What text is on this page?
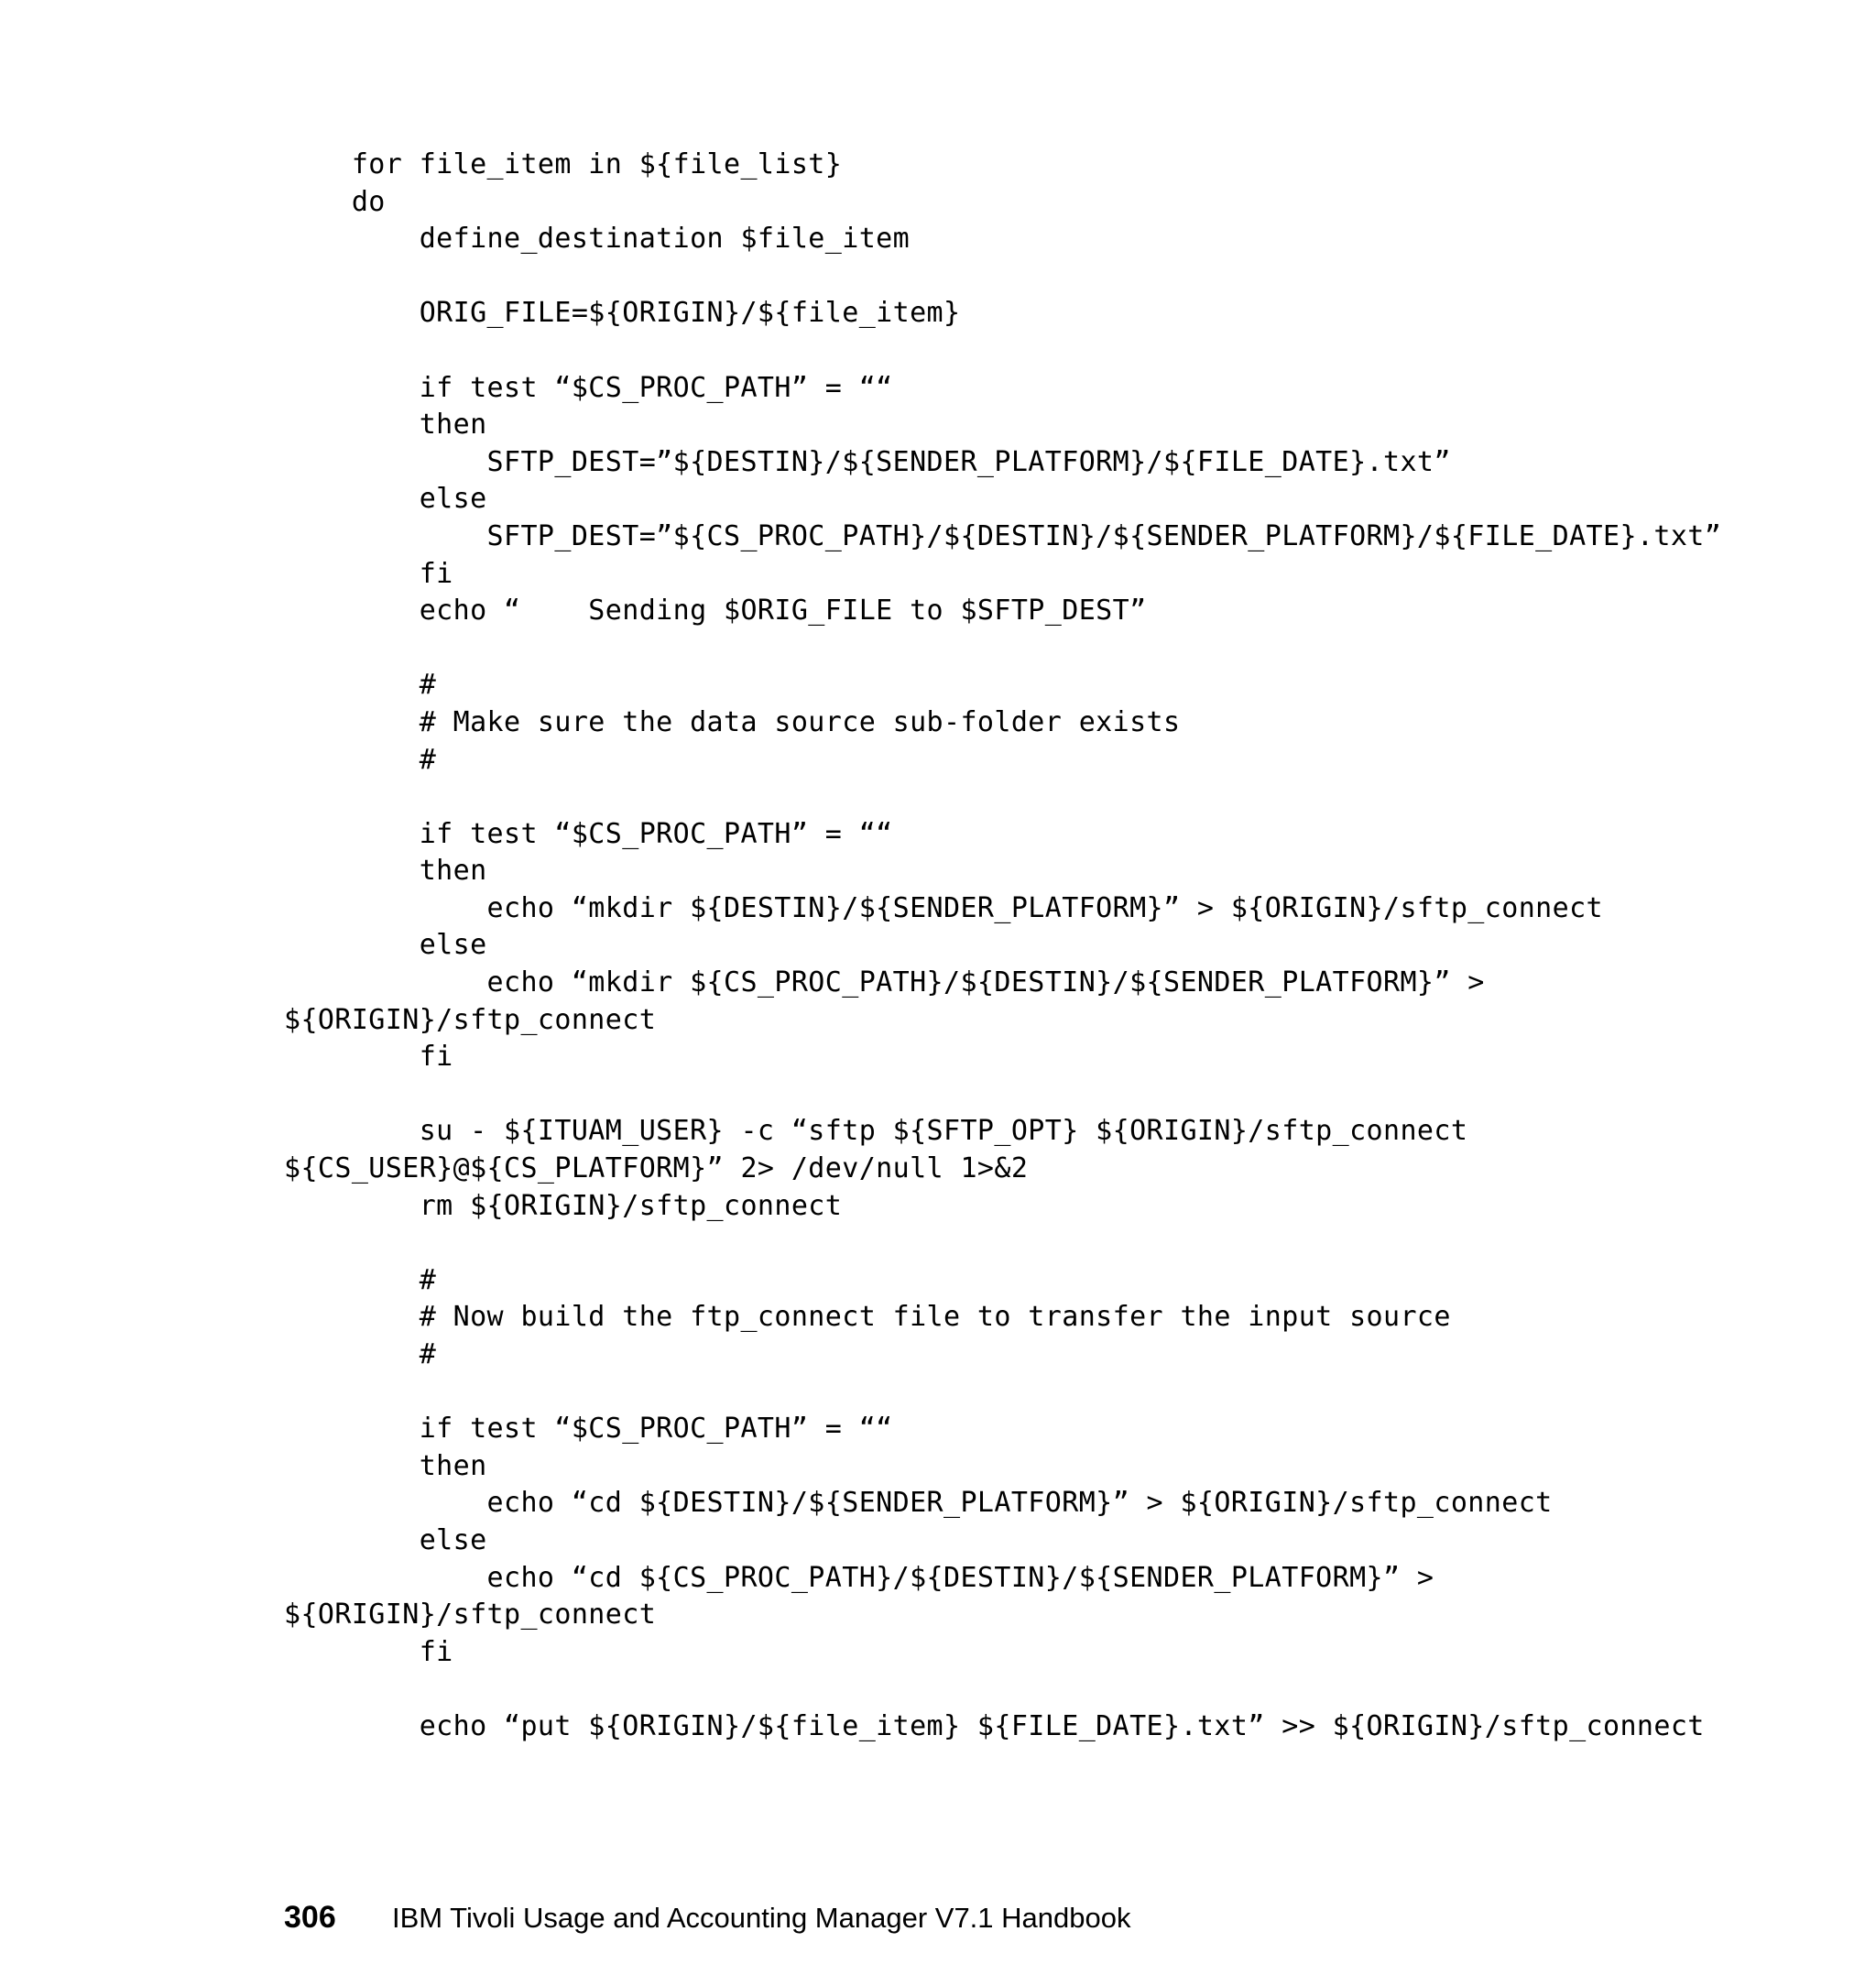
for file_item in ${file_list}
do
define_destination $file_item
ORIG_FILE=${ORIGIN}/${file_item}
if test “$CS_PROC_PATH” = ““
then
SFTP_DEST=”${DESTIN}/${SENDER_PLATFORM}/${FILE_DATE}.txt”
else
SFTP_DEST=”${CS_PROC_PATH}/${DESTIN}/${SENDER_PLATFORM}/${FILE_DATE}.txt”
fi
echo “    Sending $ORIG_FILE to $SFTP_DEST”
#
# Make sure the data source sub-folder exists
#
if test “$CS_PROC_PATH” = ““
then
echo “mkdir ${DESTIN}/${SENDER_PLATFORM}” > ${ORIGIN}/sftp_connect
else
echo “mkdir ${CS_PROC_PATH}/${DESTIN}/${SENDER_PLATFORM}” >
${ORIGIN}/sftp_connect
fi
su - ${ITUAM_USER} -c “sftp ${SFTP_OPT} ${ORIGIN}/sftp_connect
${CS_USER}@${CS_PLATFORM}” 2> /dev/null 1>&2
rm ${ORIGIN}/sftp_connect
#
# Now build the ftp_connect file to transfer the input source
#
if test “$CS_PROC_PATH” = ““
then
echo “cd ${DESTIN}/${SENDER_PLATFORM}” > ${ORIGIN}/sftp_connect
else
echo “cd ${CS_PROC_PATH}/${DESTIN}/${SENDER_PLATFORM}” >
${ORIGIN}/sftp_connect
fi
echo “put ${ORIGIN}/${file_item} ${FILE_DATE}.txt” >> ${ORIGIN}/sftp_connect
306 IBM Tivoli Usage and Accounting Manager V7.1 Handbook
